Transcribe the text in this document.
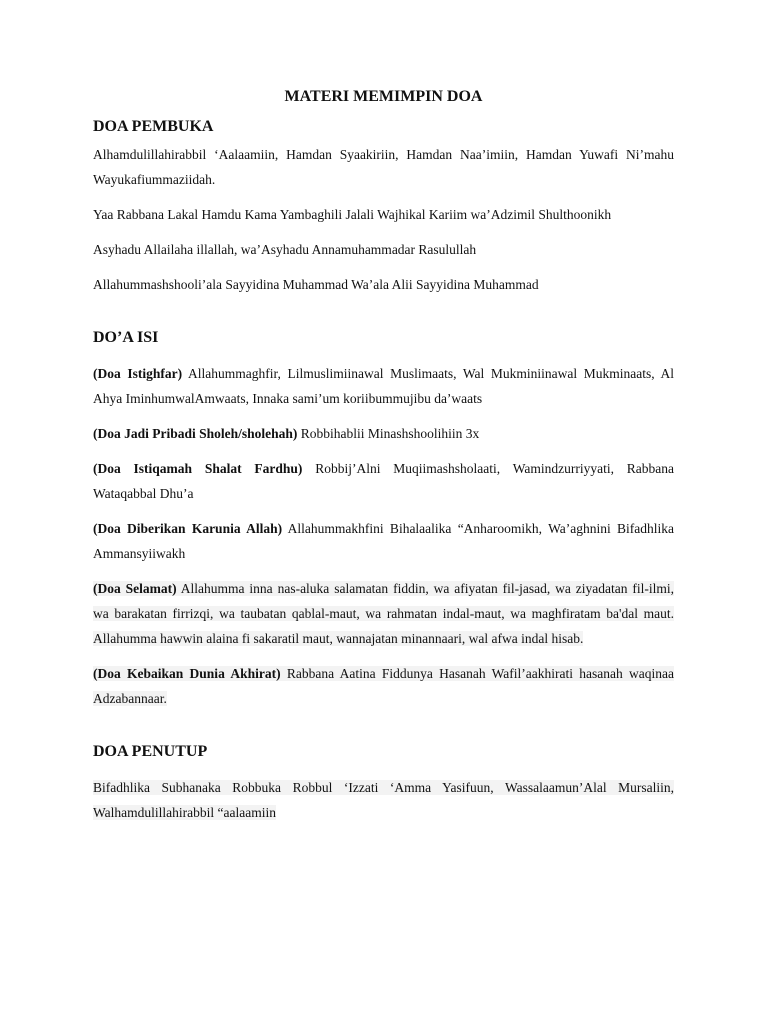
MATERI MEMIMPIN DOA
DOA PEMBUKA

Alhamdulillahirabbil ‘Aalaamiin, Hamdan Syaakiriin, Hamdan Naa’imiin, Hamdan Yuwafi Ni’mahu Wayukafiummaziidah.

Yaa Rabbana Lakal Hamdu Kama Yambaghili Jalali Wajhikal Kariim wa’Adzimil Shulthoonikh

Asyhadu Allailaha illallah, wa’Asyhadu Annamuhammadar Rasulullah

Allahummashshooli’ala Sayyidina Muhammad Wa’ala Alii Sayyidina Muhammad

DO’A ISI

(Doa Istighfar) Allahummaghfir, Lilmuslimiinawal Muslimaats, Wal Mukminiinawal Mukminaats, Al Ahya IminhumwalAmwaats, Innaka sami’um koriibummujibu da’waats

(Doa Jadi Pribadi Sholeh/sholehah) Robbihablii Minashshoolihiin 3x

(Doa Istiqamah Shalat Fardhu) Robbij’Alni Muqiimashsholaati, Wamindzurriyyati, Rabbana Wataqabbal Dhu’a

(Doa Diberikan Karunia Allah) Allahummakhfini Bihalaalika “Anharoomikh, Wa’aghnini Bifadhlika Ammansyiiwakh

(Doa Selamat) Allahumma inna nas-aluka salamatan fiddin, wa afiyatan fil-jasad, wa ziyadatan fil-ilmi, wa barakatan firrizqi, wa taubatan qablal-maut, wa rahmatan indal-maut, wa maghfiratam ba'dal maut. Allahumma hawwin alaina fi sakaratil maut, wannajatan minannaari, wal afwa indal hisab.

(Doa Kebaikan Dunia Akhirat) Rabbana Aatina Fiddunya Hasanah Wafil’aakhirati hasanah waqinaa Adzabannaar.

DOA PENUTUP

Bifadhlika Subhanaka Robbuka Robbul ‘Izzati ‘Amma Yasifuun, Wassalaamun’Alal Mursaliin, Walhamdulillahirabbil “aalaamiin
